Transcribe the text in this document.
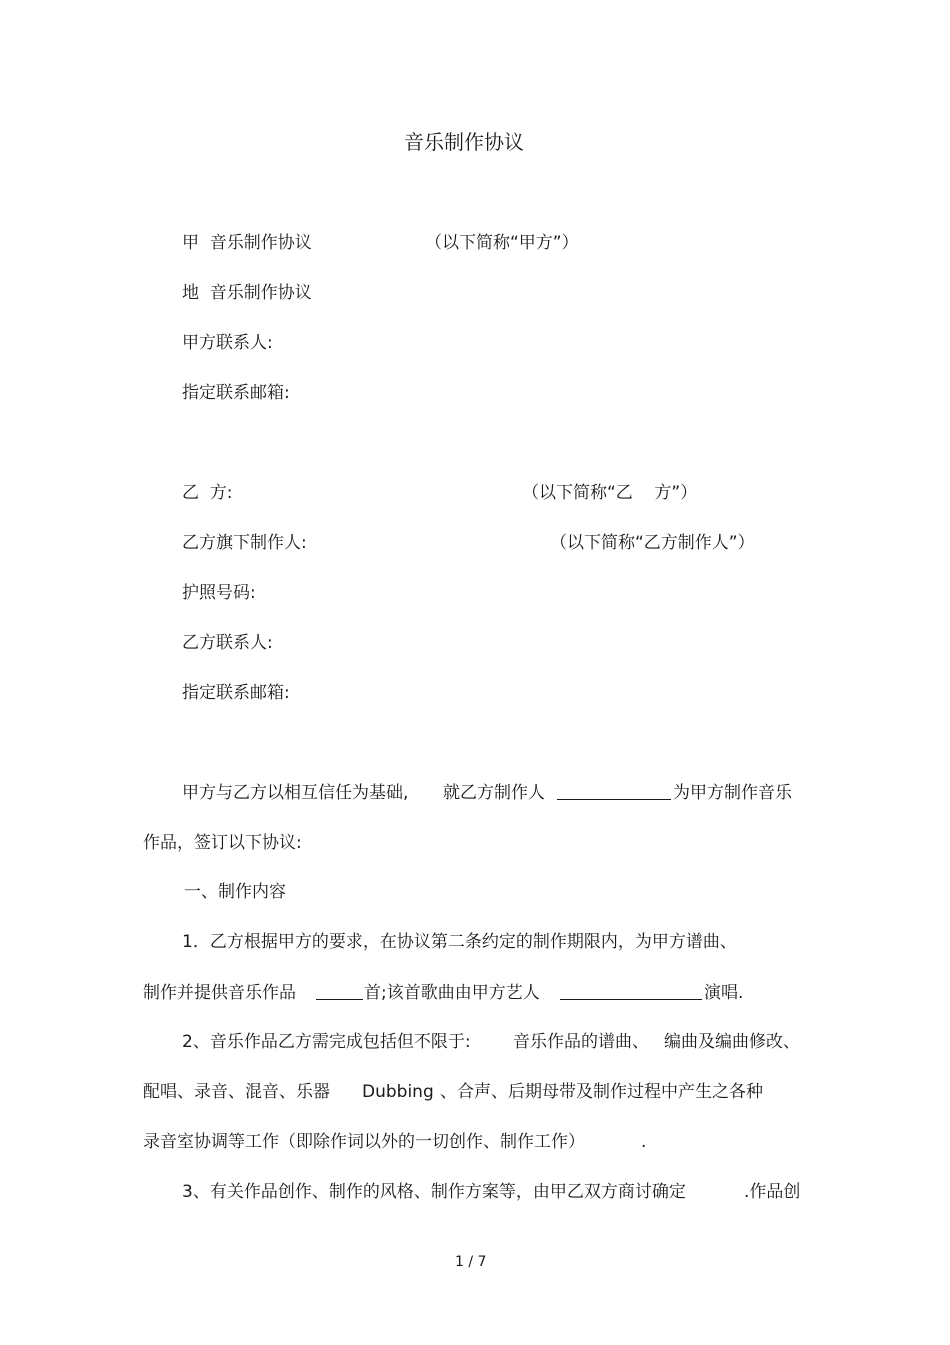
音乐制作协议
甲  音乐制作协议	（以下简称“甲方”）
地  音乐制作协议
甲方联系人:
指定联系邮箱:
乙  方:	（以下简称“乙    方”）
乙方旗下制作人:	（以下简称“乙方制作人”）
护照号码:
乙方联系人:
指定联系邮箱:
甲方与乙方以相互信任为基础, 就乙方制作人	为甲方制作音乐
作品，签订以下协议:
一、制作内容
1．乙方根据甲方的要求，在协议第二条约定的制作期限内，为甲方谱曲、
制作并提供音乐作品	首;该首歌曲由甲方艺人	演唱.
2、音乐作品乙方需完成包括但不限于: 音乐作品的谱曲、 编曲及编曲修改、
配唱、录音、混音、乐器 Dubbing 、合声、后期母带及制作过程中产生之各种
录音室协调等工作（即除作词以外的一切创作、制作工作）	.
3、有关作品创作、制作的风格、制作方案等，由甲乙双方商讨确定	.作品创
1 / 7
